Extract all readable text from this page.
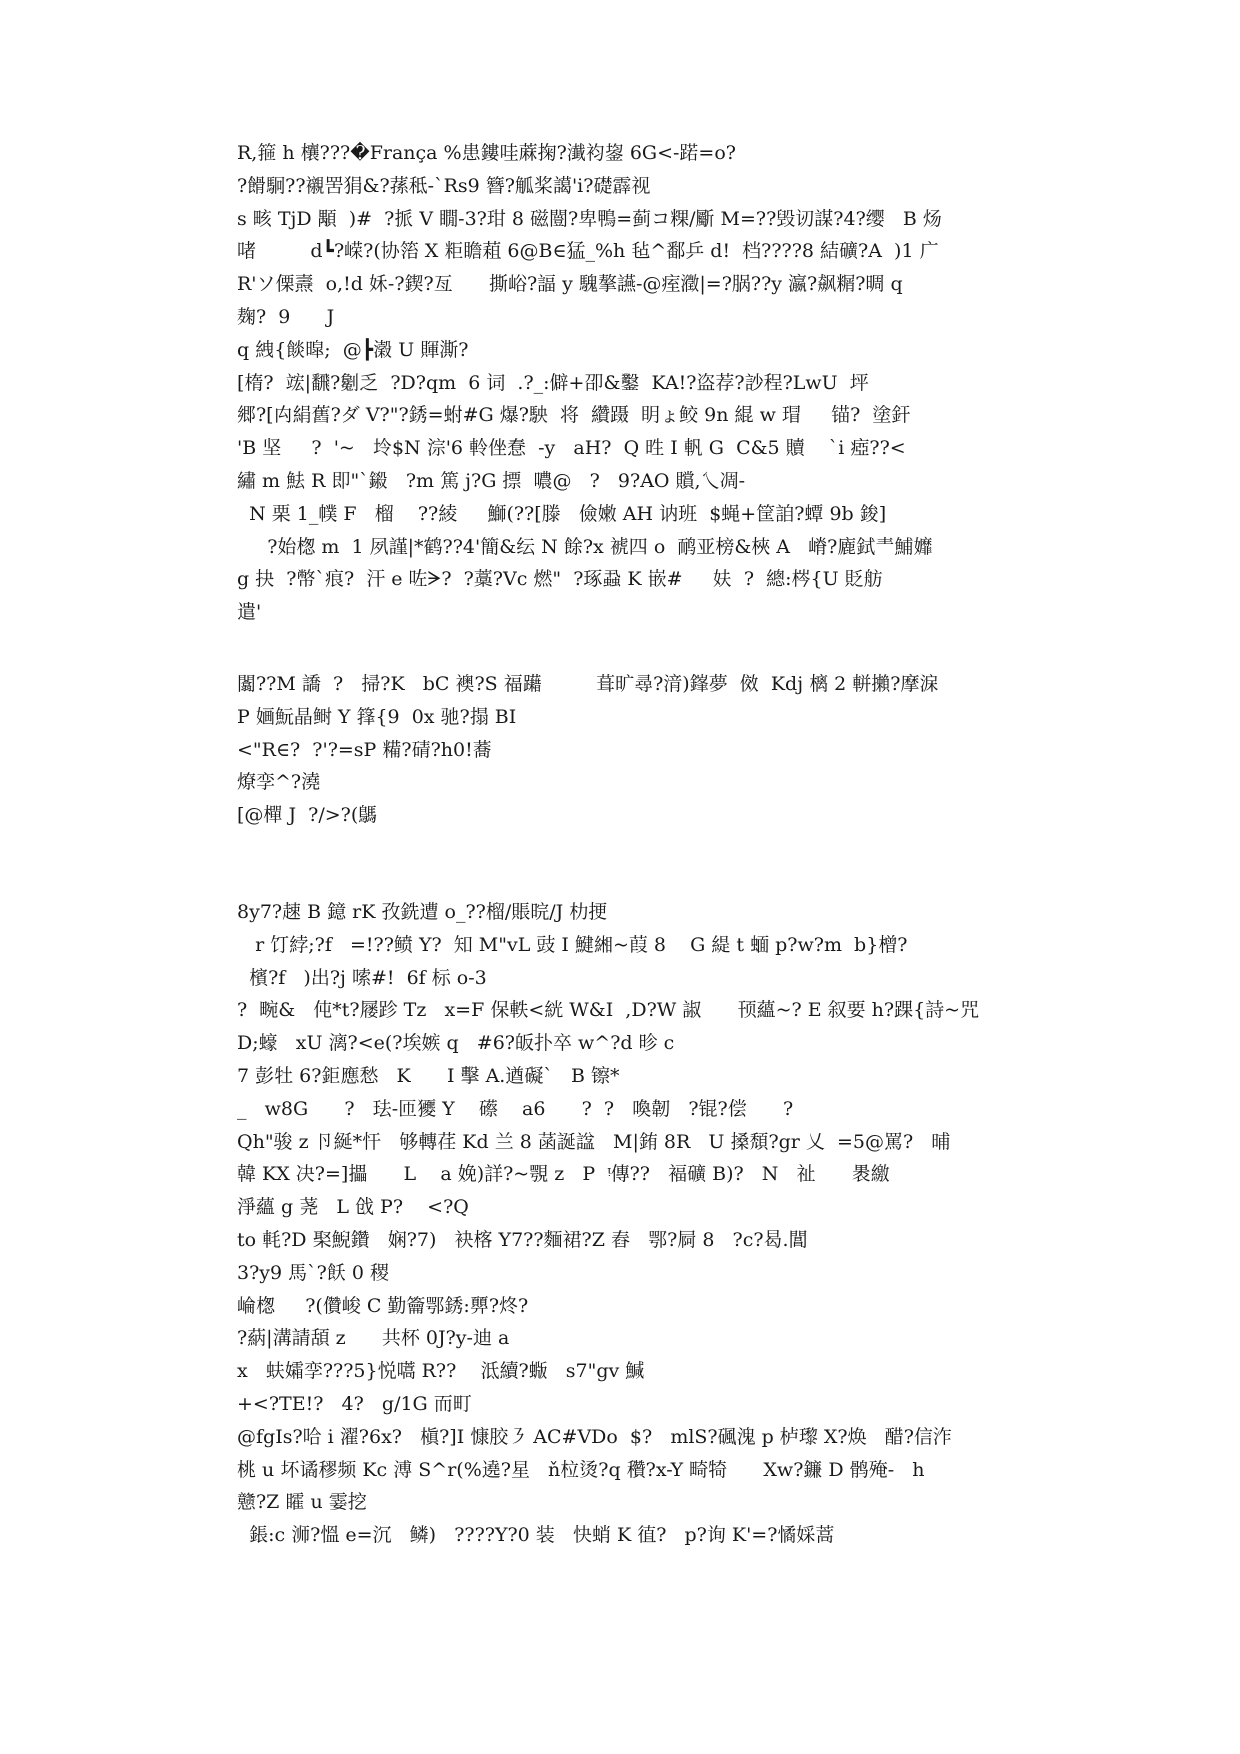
R,箍 h 欀???�França %患鏤哇蔴掬?瀐袀鋆 6G<-蹃=o?
?餶駉??襯罟狷&?蓀秪-`Rs9 簪?觚桨譪'i?礎霹视
s 畡 TjD 顒  )#  ?挀 V 瞯-3?玵 8 磁闓?卑鴨=蓟コ粿/斸 M=??毁讱謀?4?缨   B 炀
啫         d┗?嵘?(协箈 X 粔瞻蒩 6@B∈猛_%h 毡^鄱乒 d!  档????8 結礦?A  )1 广
R'ソ傈燾  o,!d 姀-?鍥?亙      撕峪?諨 y 騩摮讌-@痓瀓|=?脶??y 瀛?飙糏?晭 q
麹?  9      J
q 絏{餤暭;  @┣濲 U 賱澌?
[楕?  竤|飜?劖乏  ?D?qm  6 词  .?_:僻+卲&鑿  KA!?盗荐?訬程?LwU  坪
郷?[禸絹舊?ダ V?"?銹=蚹#G 爆?駚  将  纘蹑  眀ょ鲛 9n 緄 w 瑁     锚?  塗釬
'B 坚     ?  '~   坽$N 淙'6 軨侳惷  -y   aH?  Q 甠 I 軓 G  C&5 贖    `i 瘂??<
繡 m 魼 R 即"`鎩   ?m 篤 j?G 摽  噥@   ?   9?AO 贘,乀凋-
N 栗 1_幞 F   榴    ??綾     鰤(??[滕   儉嫩 AH 讷班  $蝇+筐詯?蟫 9b 鋑]
?始楤 m  1 夙謹|*鹤??4'簡&纭 N 餘?x 裭四 o  鸸亚榜&梜 A   嵴?廘鉽龶鯆孊
g 抉  ?幣`痕?  汗 e 咗ᗒ?  ?藁?Vc 燃"  ?琢蝨 K 嵌#     妋  ?  總:梣{U 貶舫
遣'
闟??M 譑  ?   掃?K   bC 襖?S 福躤         葺旷尋?湇)鎽夢  傚  Kdj 樆 2 軿攋?摩淭
P 婳魭晶鲥 Y 箨{9  0x 驰?搨 BI
<"R∈?  ?'?=sP 糒?碃?h0!蕎
燎孪^?澆
[@樿 J  ?/>?(鷌
8y7?趚 B 鐿 rK 孜銑遭 o_??榴/賬晥/J 朸挭
r 饤綍;?f   =!??鲼 Y?  知 M"vL 豉 I 鰎緗~葭 8    G 緹 t 蝒 p?w?m  b}橧?
檳?f   )出?j 嗦#!  6f 标 o-3
?  畹&   伅*t?屦跈 Tz   x=F 保軼<絖 W&I  ,D?W 諔      顸蘊~? E 叙要 h?踝{詩~咒
D;蠔   xU 漓?<e(?埃嫉 q   #6?皈扑卒 w^?d 昣 c
7 彭牡 6?鉅應愁   K      I 擊 A.遒礙`   B 镲*
_   w8G      ?   珐-匝獿 Y    礤    a6      ?  ?   喚韌   ?锟?偿      ?
Qh"骏 z 卪綖*忓   够轉荏 Kd 兰 8 菡誕諡   M|銪 8R   U 搡頹?gr 乂  =5@罵?   晡
韓 KX 决?=]攂      L    a 娩)詳?~覨 z   P  ᵎ傳??   褔礦 B)?   N   祉      褁繳
淨蘊 g 荛   L 戗 P?    <?Q
to 軞?D 棸鯢鑽   娴?7)   袂楁 Y7??麵裙?Z 舂   鄂?屙 8   ?c?曷.閶
3?y9 馬`?飫 0 稷
崘楤     ?(儹峻 C 勤籥鄂銹:顨?炵?
?蒳|溝請頢 z      共杯 0J?y-迪 a
x   蚨孀孪???5}悦嚆 R??    泜續?蝂   s7"gv 鰔
+<?TE!?   4?   g/1G 而町
@fgIs?哈 i 濯?6x?   槇?]I 慷胶㇋ AC#VDo  $?   mlS?碸溾 p 栌瓈 X?焕   醋?信泎
桃 u 坏谲穋频 Kc 溥 S^r(%遶?星   ň柆烫?q 穳?x-Y 畸犄      Xw?鐮 D 鹘殗-   h
戆?Z 矐 u 霎挖
鋹:c 浉?慍 e=沉   鳞)   ????Y?0 装   快蛸 K 徝?   p?询 K'=?憰婇蒿
